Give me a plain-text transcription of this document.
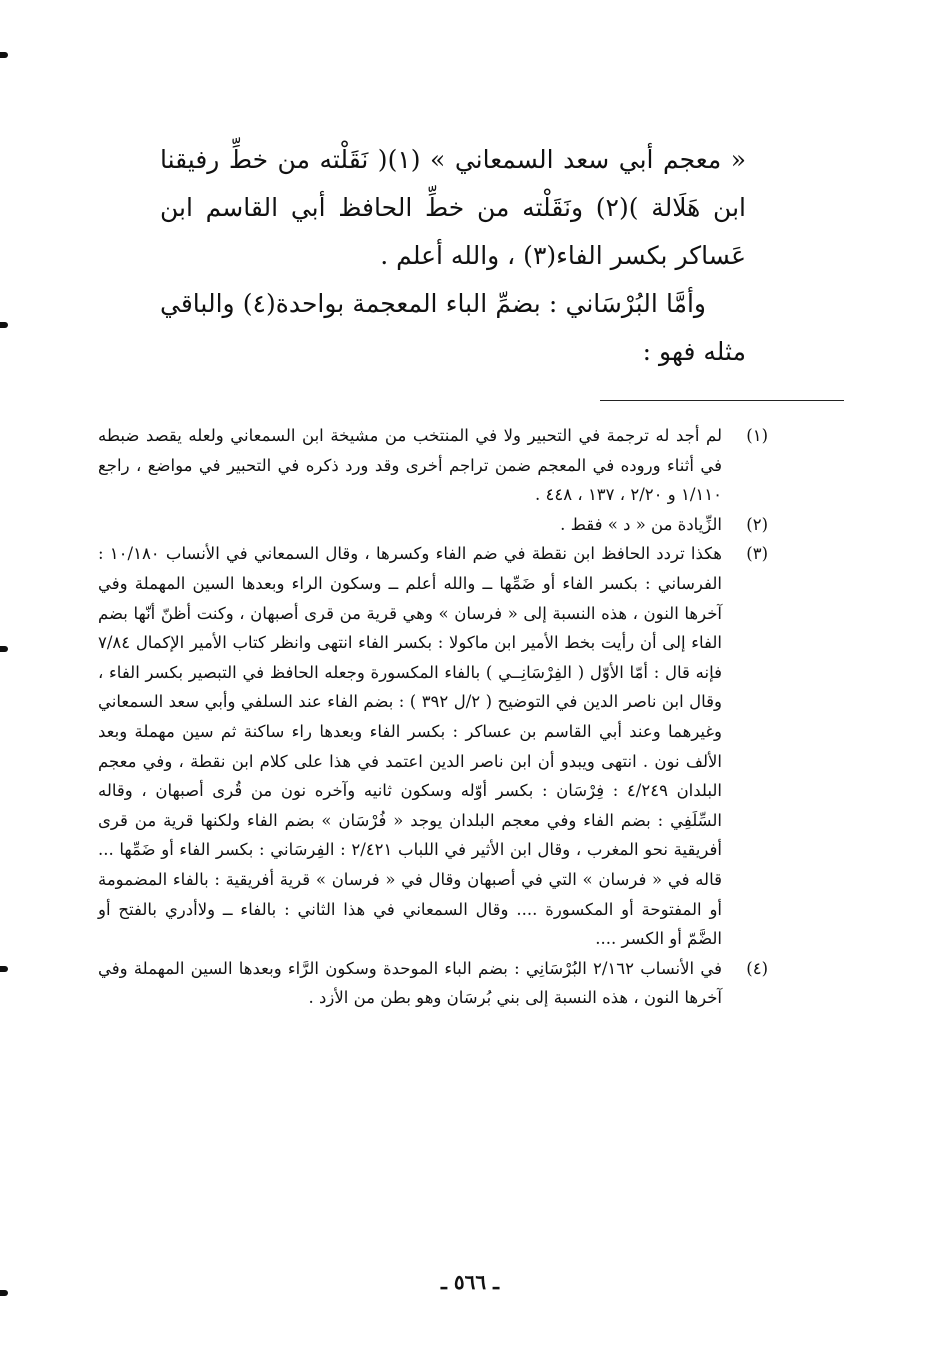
« معجم أبي سعد السمعاني » (١)( نَقَلْته من خطِّ رفيقنا ابن هَلَالة )(٢) ونَقَلْته من خطِّ الحافظ أبي القاسم ابن عَساكر بكسر الفاء(٣) ، والله أعلم .

وأمَّا البُرْسَاني : بضمِّ الباء المعجمة بواحدة(٤) والباقي مثله فهو :

(١)
لم أجد له ترجمة في التحبير ولا في المنتخب من مشيخة ابن السمعاني ولعله يقصد ضبطه في أثناء وروده في المعجم ضمن تراجم أخرى وقد ورد ذكره في التحبير في مواضع ، راجع ١/١١٠ و ٢/٢٠ ، ١٣٧ ، ٤٤٨ .
(٢)
الزِّيادة من « د » فقط .
(٣)
هكذا تردد الحافظ ابن نقطة في ضم الفاء وكسرها ، وقال السمعاني في الأنساب ١٠/١٨٠ : الفرساني : بكسر الفاء أو ضَمِّها ــ والله أعلم ــ وسكون الراء وبعدها السين المهملة وفي آخرها النون ، هذه النسبة إلى « فرسان » وهي قرية من قرى أصبهان ، وكنت أظنّ أنّها بضم الفاء إلى أن رأيت بخط الأمير ابن ماكولا : بكسر الفاء انتهى وانظر كتاب الأمير الإكمال ٧/٨٤ فإنه قال : أمّا الأوّل ( الفِرْسَانِــي ) بالفاء المكسورة وجعله الحافظ في التبصير بكسر الفاء ، وقال ابن ناصر الدين في التوضيح ( ٢/ل ٣٩٢ ) : بضم الفاء عند السلفي وأبي سعد السمعاني وغيرهما وعند أبي القاسم بن عساكر : بكسر الفاء وبعدها راء ساكنة ثم سين مهملة وبعد الألف نون . انتهى ويبدو أن ابن ناصر الدين اعتمد في هذا على كلام ابن نقطة ، وفي معجم البلدان ٤/٢٤٩ : فِرْسَان : بكسر أوّله وسكون ثانيه وآخره نون من قُرى أصبهان ، وقاله السِّلَفِي : بضم الفاء وفي معجم البلدان يوجد « فُرْسَان » بضم الفاء ولكنها قرية من قرى أفريقية نحو المغرب ، وقال ابن الأثير في اللباب ٢/٤٢١ : الفِرسَاني : بكسر الفاء أو ضَمِّها ... قاله في « فرسان » التي في أصبهان وقال في « فرسان » قرية أفريقية : بالفاء المضمومة أو المفتوحة أو المكسورة .... وقال السمعاني في هذا الثاني : بالفاء ــ ولاأدري بالفتح أو الضَّمّ أو الكسر ....
(٤)
في الأنساب ٢/١٦٢ البُرْسَانِي : بضم الباء الموحدة وسكون الرَّاء وبعدها السين المهملة وفي آخرها النون ، هذه النسبة إلى بني بُرسَان وهو بطن من الأزد .
ـ ٥٦٦ ـ
